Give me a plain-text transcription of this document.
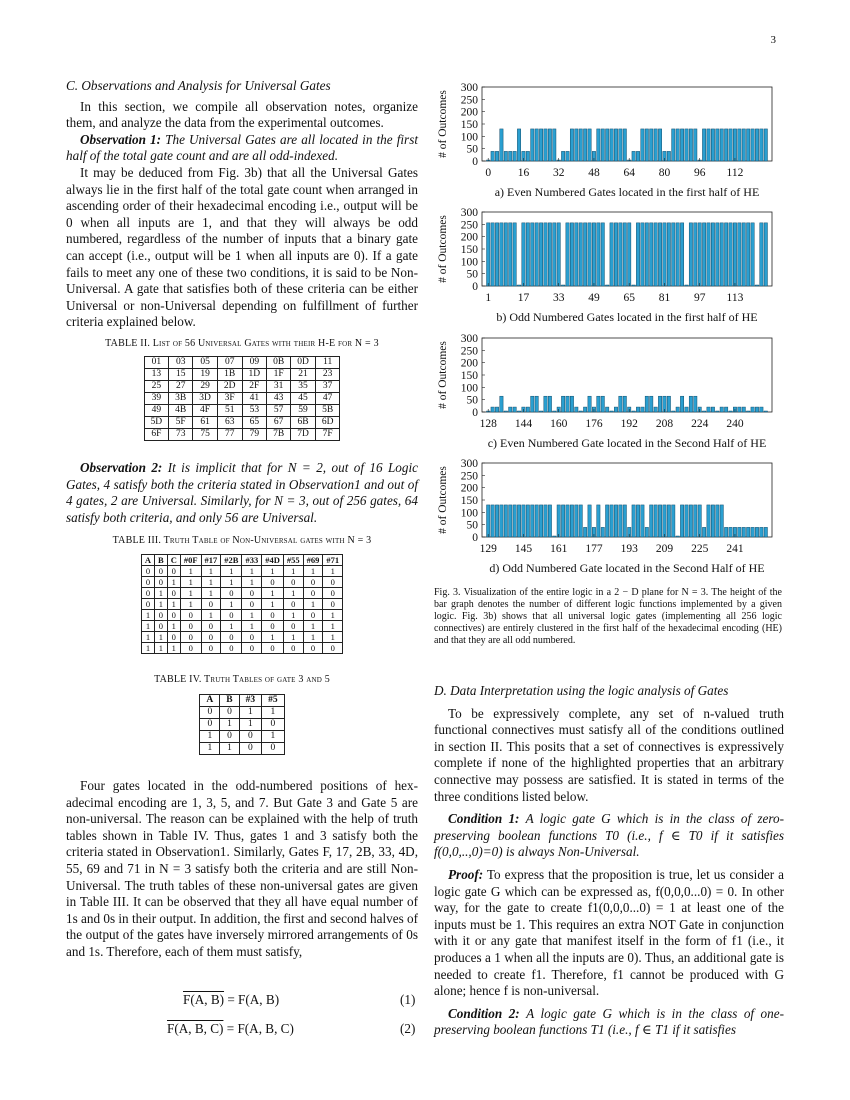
3

C. Observations and Analysis for Universal Gates

In this section, we compile all observation notes, organize them, and analyze the data from the experimental outcomes.

Observation 1: The Universal Gates are all located in the first half of the total gate count and are all odd-indexed.

It may be deduced from Fig. 3b) that all the Universal Gates always lie in the first half of the total gate count when arranged in ascending order of their hexadecimal encoding i.e., output will be 0 when all inputs are 1, and that they will always be odd numbered, regardless of the number of inputs that a binary gate can accept (i.e., output will be 1 when all inputs are 0). If a gate fails to meet any one of these two conditions, it is said to be Non-Universal. A gate that satisfies both of these criteria can be either Universal or non-Universal depending on fulfillment of further criteria explained below.

TABLE II. List of 56 Universal Gates with their H-E for N = 3
01	03	05	07	09	0B	0D	11
13	15	19	1B	1D	1F	21	23
25	27	29	2D	2F	31	35	37
39	3B	3D	3F	41	43	45	47
49	4B	4F	51	53	57	59	5B
5D	5F	61	63	65	67	6B	6D
6F	73	75	77	79	7B	7D	7F

Observation 2: It is implicit that for N = 2, out of 16 Logic Gates, 4 satisfy both the criteria stated in Observation1 and out of 4 gates, 2 are Universal. Similarly, for N = 3, out of 256 gates, 64 satisfy both criteria, and only 56 are Universal.

TABLE III. Truth Table of Non-Universal gates with N = 3
A	B	C	#0F	#17	#2B	#33	#4D	#55	#69	#71
0	0	0	1	1	1	1	1	1	1	1
0	0	1	1	1	1	1	0	0	0	0
0	1	0	1	1	0	0	1	1	0	0
0	1	1	1	0	1	0	1	0	1	0
1	0	0	0	1	0	1	0	1	0	1
1	0	1	0	0	1	1	0	0	1	1
1	1	0	0	0	0	0	1	1	1	1
1	1	1	0	0	0	0	0	0	0	0
TABLE IV. Truth Tables of gate 3 and 5
A	B	#3	#5
0	0	1	1
0	1	1	0
1	0	0	1
1	1	0	0

Four gates located in the odd-numbered positions of hex-adecimal encoding are 1, 3, 5, and 7. But Gate 3 and Gate 5 are non-universal. The reason can be explained with the help of truth tables shown in Table IV. Thus, gates 1 and 3 satisfy both the criteria stated in Observation1. Similarly, Gates F, 17, 2B, 33, 4D, 55, 69 and 71 in N = 3 satisfy both the criteria and are still Non-Universal. The truth tables of these non-universal gates are given in Table III. It can be observed that they all have equal number of 1s and 0s in their output. In addition, the first and second halves of the output of the gates have inversely mirrored arrangements of 0s and 1s. Therefore, each of them must satisfy,

F(A, B) = F(A, B)	(1)
F(A, B, C) = F(A, B, C)	(2)
0
50
100
150
200
250
300
# of Outcomes
0 16 32 48 64 80 96 112
a) Even Numbered Gates located in the first half of HE
0
50
100
150
200
250
300
# of Outcomes
1 17 33 49 65 81 97 113
b) Odd Numbered Gates located in the first half of HE
0
50
100
150
200
250
300
# of Outcomes
128 144 160 176 192 208 224 240
c) Even Numbered Gate located in the Second Half of HE
0
50
100
150
200
250
300
# of Outcomes
129 145 161 177 193 209 225 241
d) Odd Numbered Gate located in the Second Half of HE
Fig. 3. Visualization of the entire logic in a 2 − D plane for N = 3. The height of the bar graph denotes the number of different logic functions implemented by a given logic. Fig. 3b) shows that all universal logic gates (implementing all 256 logic connectives) are entirely clustered in the first half of the hexadecimal encoding (HE) and that they are all odd numbered.

D. Data Interpretation using the logic analysis of Gates

To be expressively complete, any set of n-valued truth functional connectives must satisfy all of the conditions outlined in section II. This posits that a set of connectives is expressively complete if none of the highlighted properties that an arbitrary connective may possess are satisfied. It is stated in terms of the three conditions listed below.

Condition 1: A logic gate G which is in the class of zero-preserving boolean functions T0 (i.e., f ∈ T0 if it satisfies f(0,0,..,0)=0) is always Non-Universal.

Proof: To express that the proposition is true, let us consider a logic gate G which can be expressed as, f(0,0,0...0) = 0. In other way, for the gate to create f1(0,0,0...0) = 1 at least one of the inputs must be 1. This requires an extra NOT Gate in conjunction with it or any gate that manifest itself in the form of f1 (i.e., it produces a 1 when all the inputs are 0). Thus, an additional gate is needed to create f1. Therefore, f1 cannot be produced with G alone; hence f is non-universal.

Condition 2: A logic gate G which is in the class of one-preserving boolean functions T1 (i.e., f ∈ T1 if it satisfies
